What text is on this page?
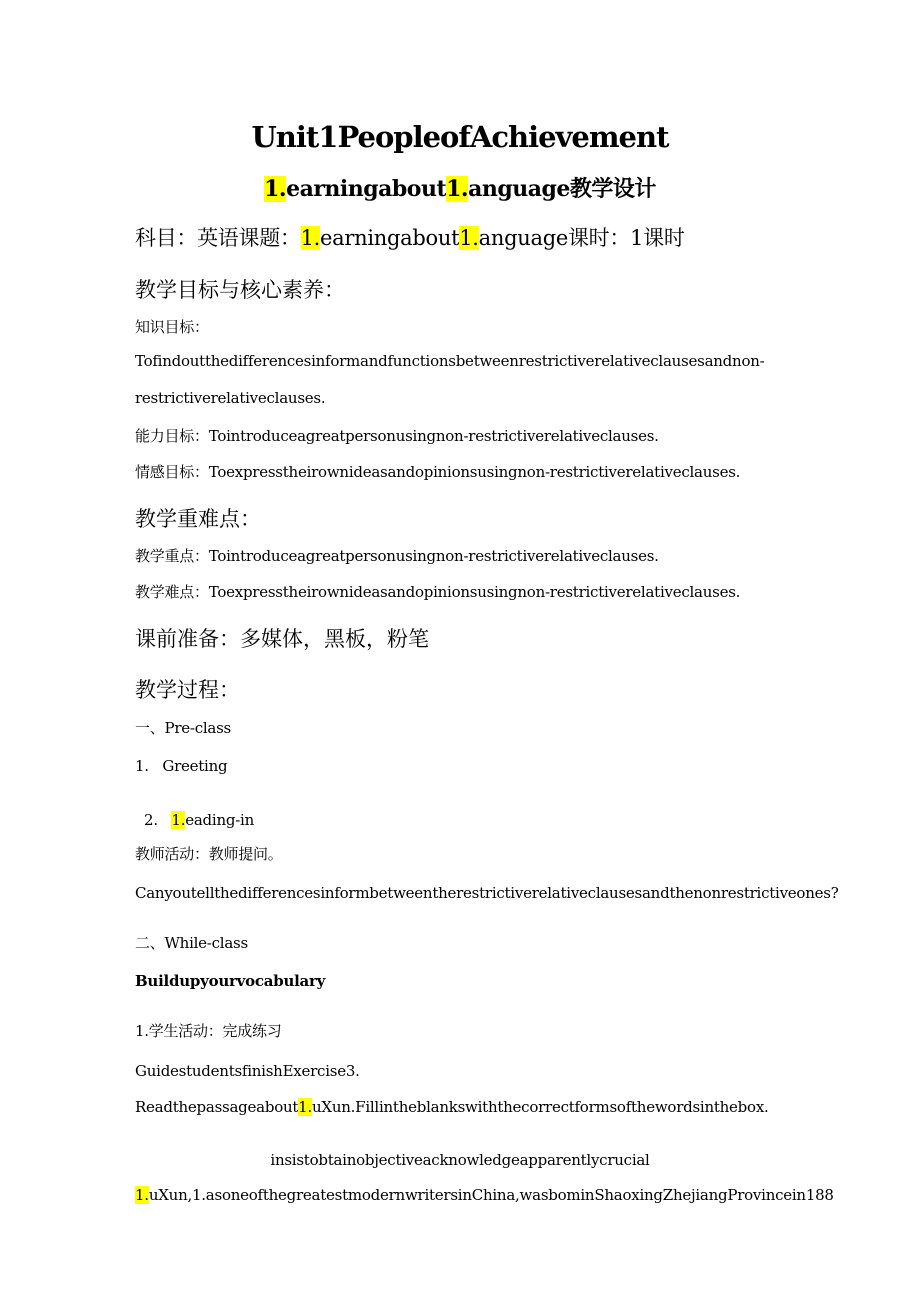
Unit1PeopleofAchievement
1.earningabout1.anguage教学设计
科目：英语课题：1.earningabout1.anguage课时：1课时
教学目标与核心素养：
知识目标：
Tofindoutthedifferencesinformandfunctionsbetweenrestrictiverelativeclausesandnon-
restrictiverelativeclauses.
能力目标：Tointroduceagreatpersonusingnon-restrictiverelativeclauses.
情感目标：Toexpresstheirownideasandopinionsusingnon-restrictiverelativeclauses.
教学重难点：
教学重点：Tointroduceagreatpersonusingnon-restrictiverelativeclauses.
教学难点：Toexpresstheirownideasandopinionsusingnon-restrictiverelativeclauses.
课前准备：多媒体，黑板，粉笔
教学过程：
一、Pre-class
1.   Greeting

2.   1.eading-in

教师活动：教师提问。
Canyoutellthedifferencesinformbetweentherestrictiverelativeclausesandthenonrestrictiveones?
二、While-class
Buildupyourvocabulary
1.学生活动：完成练习
GuidestudentsfinishExercise3.
Readthepassageabout1.uXun.Fillintheblankswiththecorrectformsofthewordsinthebox.
insistobtainobjectiveacknowledgeapparentlycrucial
1.uXun,1.asoneofthegreatestmodernwritersinChina,wasbominShaoxingZhejiangProvincein188
